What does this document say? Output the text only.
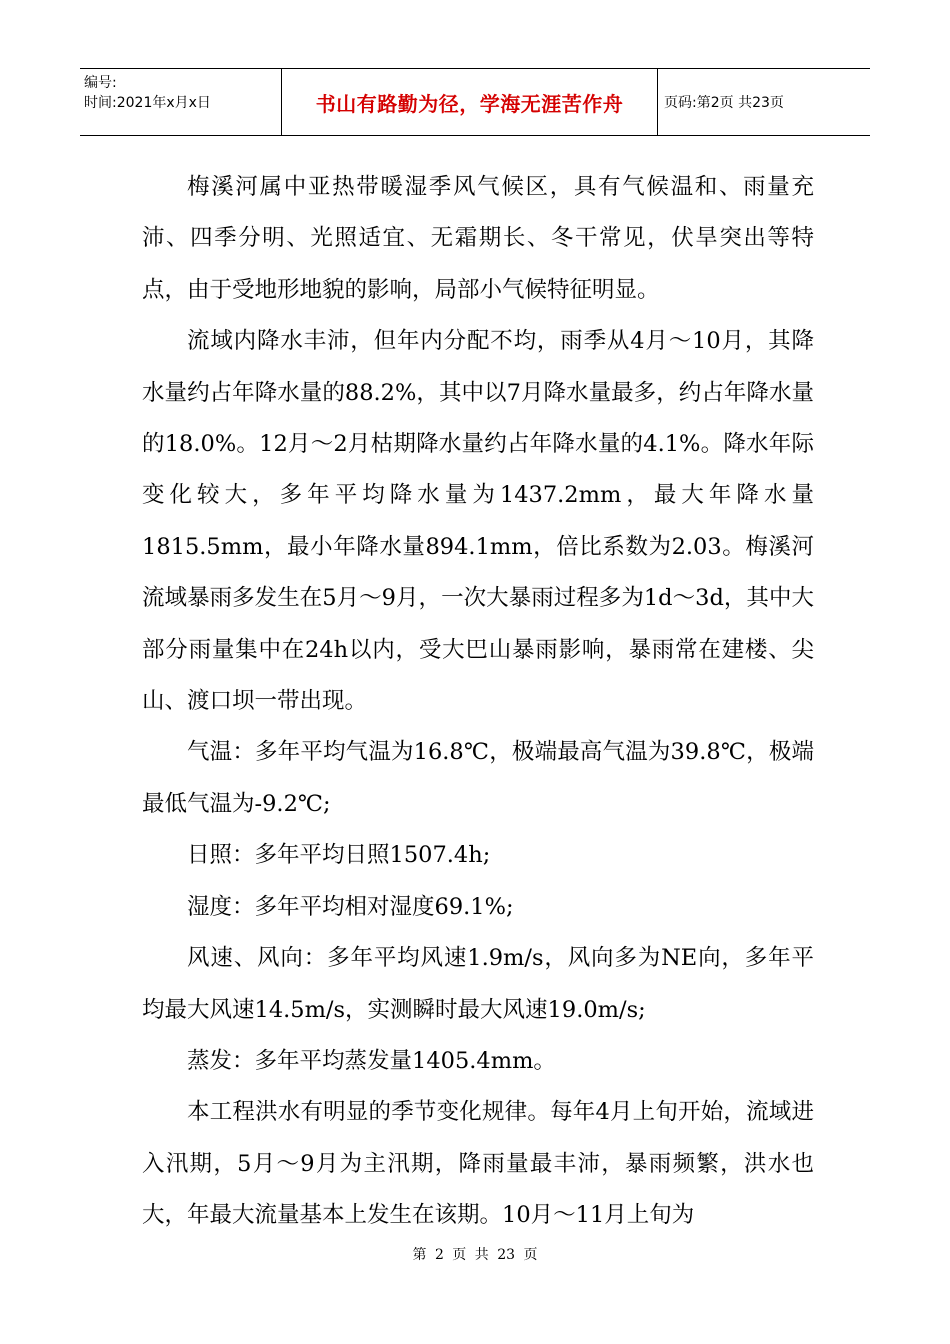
编号:
时间:2021年x月x日	书山有路勤为径，学海无涯苦作舟	页码:第2页 共23页

梅溪河属中亚热带暖湿季风气候区，具有气候温和、雨量充沛、四季分明、光照适宜、无霜期长、冬干常见，伏旱突出等特点，由于受地形地貌的影响，局部小气候特征明显。

流域内降水丰沛，但年内分配不均，雨季从4月～10月，其降水量约占年降水量的88.2%，其中以7月降水量最多，约占年降水量的18.0%。12月～2月枯期降水量约占年降水量的4.1%。降水年际变化较大，多年平均降水量为1437.2mm，最大年降水量1815.5mm，最小年降水量894.1mm，倍比系数为2.03。梅溪河流域暴雨多发生在5月～9月，一次大暴雨过程多为1d～3d，其中大部分雨量集中在24h以内，受大巴山暴雨影响，暴雨常在建楼、尖山、渡口坝一带出现。

气温：多年平均气温为16.8℃，极端最高气温为39.8℃，极端最低气温为-9.2℃;

日照：多年平均日照1507.4h;

湿度：多年平均相对湿度69.1%;

风速、风向：多年平均风速1.9m/s，风向多为NE向，多年平均最大风速14.5m/s，实测瞬时最大风速19.0m/s;

蒸发：多年平均蒸发量1405.4mm。

本工程洪水有明显的季节变化规律。每年4月上旬开始，流域进入汛期，5月～9月为主汛期，降雨量最丰沛，暴雨频繁，洪水也大，年最大流量基本上发生在该期。10月～11月上旬为

第 2 页 共 23 页
